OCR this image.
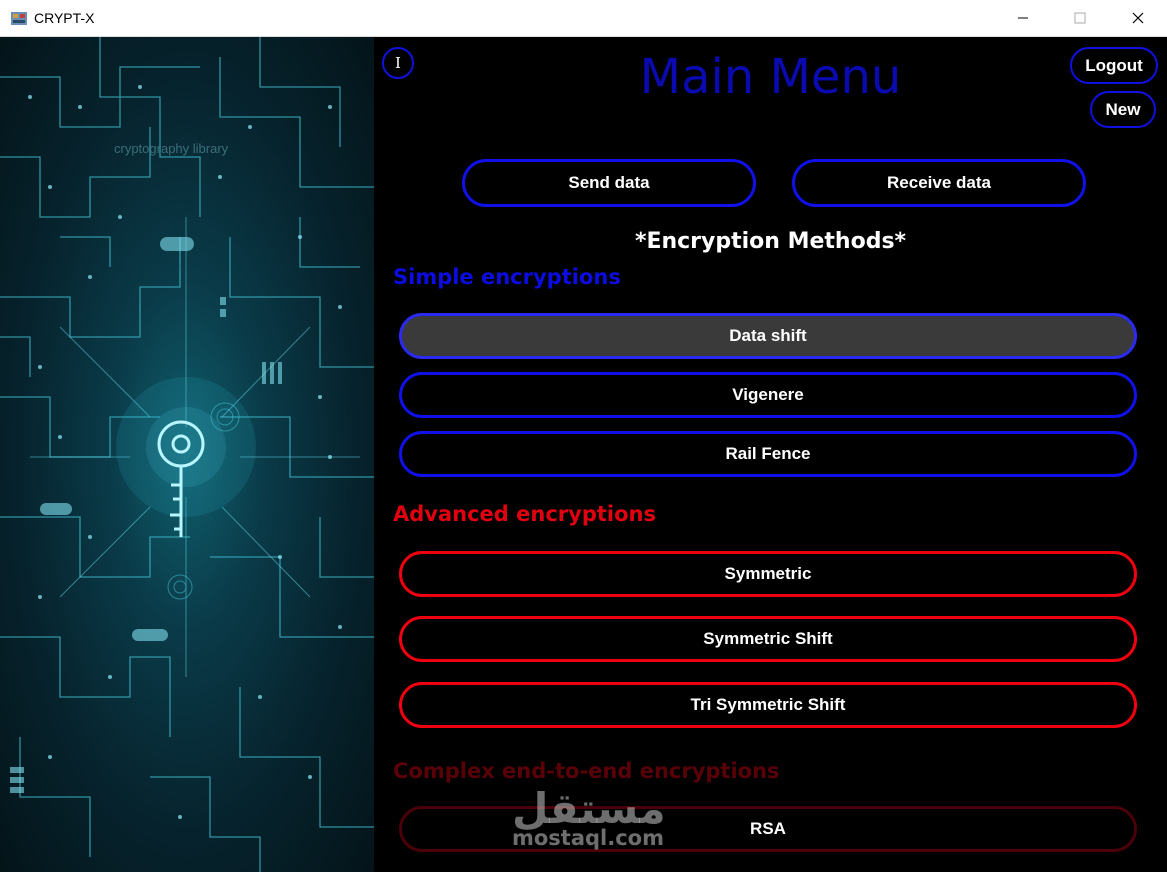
CRYPT-X
cryptography library
I	Main Menu	Logout
New
Send data	Receive data
*Encryption Methods*
Simple encryptions
Data shift
Vigenere
Rail Fence
Advanced encryptions
Symmetric
Symmetric Shift
Tri Symmetric Shift
Complex end-to-end encryptions
RSA
مستقل
mostaql.com
